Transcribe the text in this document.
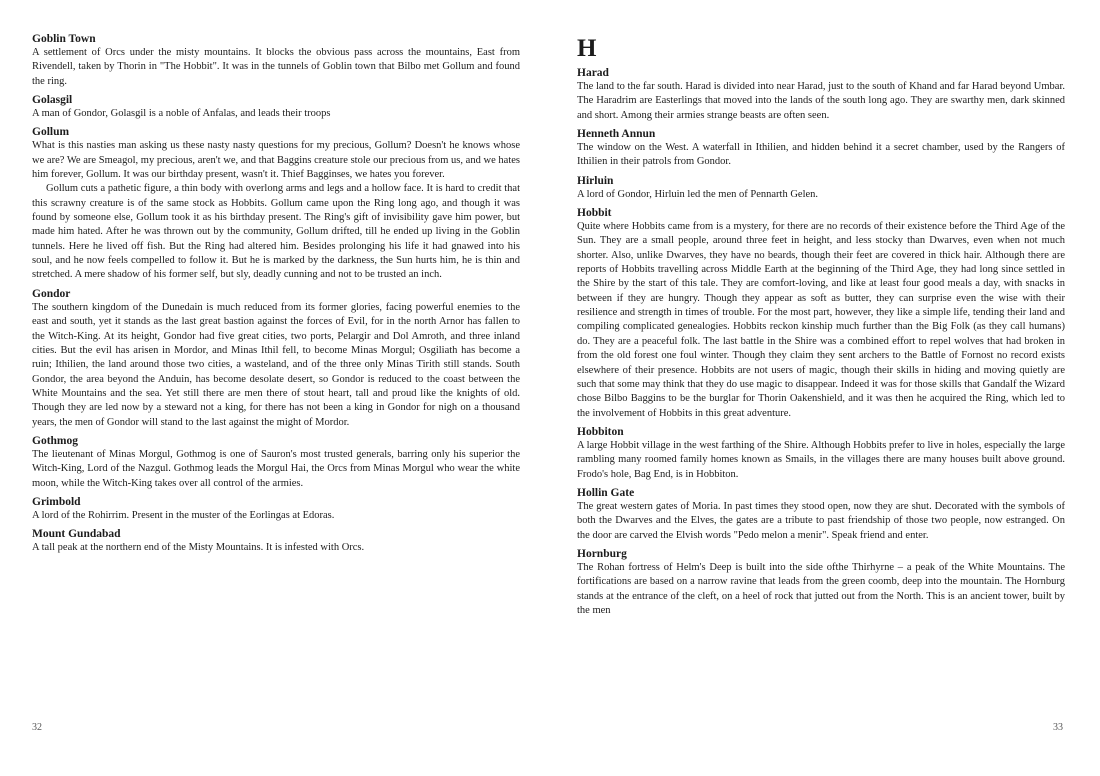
Goblin Town

A settlement of Orcs under the misty mountains. It blocks the obvious pass across the mountains, East from Rivendell, taken by Thorin in "The Hobbit". It was in the tunnels of Goblin town that Bilbo met Gollum and found the ring.

Golasgil

A man of Gondor, Golasgil is a noble of Anfalas, and leads their troops

Gollum

What is this nasties man asking us these nasty nasty questions for my precious, Gollum? Doesn't he knows whose we are? We are Smeagol, my precious, aren't we, and that Baggins creature stole our precious from us, and we hates him forever, Gollum. It was our birthday present, wasn't it. Thief Bagginses, we hates you forever.

Gollum cuts a pathetic figure, a thin body with overlong arms and legs and a hollow face. It is hard to credit that this scrawny creature is of the same stock as Hobbits. Gollum came upon the Ring long ago, and though it was found by someone else, Gollum took it as his birthday present. The Ring's gift of invisibility gave him power, but made him hated. After he was thrown out by the community, Gollum drifted, till he ended up living in the Goblin tunnels. Here he lived off fish. But the Ring had altered him. Besides prolonging his life it had gnawed into his soul, and he now feels compelled to follow it. But he is marked by the darkness, the Sun hurts him, he is thin and stretched. A mere shadow of his former self, but sly, deadly cunning and not to be trusted an inch.

Gondor

The southern kingdom of the Dunedain is much reduced from its former glories, facing powerful enemies to the east and south, yet it stands as the last great bastion against the forces of Evil, for in the north Arnor has fallen to the Witch-King. At its height, Gondor had five great cities, two ports, Pelargir and Dol Amroth, and three inland cities. But the evil has arisen in Mordor, and Minas Ithil fell, to become Minas Morgul; Osgiliath has become a ruin; Ithilien, the land around those two cities, a wasteland, and of the three only Minas Tirith still stands. South Gondor, the area beyond the Anduin, has become desolate desert, so Gondor is reduced to the coast between the White Mountains and the sea. Yet still there are men there of stout heart, tall and proud like the knights of old. Though they are led now by a steward not a king, for there has not been a king in Gondor for nigh on a thousand years, the men of Gondor will stand to the last against the might of Mordor.

Gothmog

The lieutenant of Minas Morgul, Gothmog is one of Sauron's most trusted generals, barring only his superior the Witch-King, Lord of the Nazgul. Gothmog leads the Morgul Hai, the Orcs from Minas Morgul who wear the white moon, while the Witch-King takes over all control of the armies.

Grimbold

A lord of the Rohirrim. Present in the muster of the Eorlingas at Edoras.

Mount Gundabad

A tall peak at the northern end of the Misty Mountains. It is infested with Orcs.

H
Harad

The land to the far south. Harad is divided into near Harad, just to the south of Khand and far Harad beyond Umbar. The Haradrim are Easterlings that moved into the lands of the south long ago. They are swarthy men, dark skinned and short. Among their armies strange beasts are often seen.

Henneth Annun

The window on the West. A waterfall in Ithilien, and hidden behind it a secret chamber, used by the Rangers of Ithilien in their patrols from Gondor.

Hirluin

A lord of Gondor, Hirluin led the men of Pennarth Gelen.

Hobbit

Quite where Hobbits came from is a mystery, for there are no records of their existence before the Third Age of the Sun. They are a small people, around three feet in height, and less stocky than Dwarves, even when not much shorter. Also, unlike Dwarves, they have no beards, though their feet are covered in thick hair. Although there are reports of Hobbits travelling across Middle Earth at the beginning of the Third Age, they had long since settled in the Shire by the start of this tale. They are comfort-loving, and like at least four good meals a day, with snacks in between if they are hungry. Though they appear as soft as butter, they can surprise even the wise with their resilience and strength in times of trouble. For the most part, however, they like a simple life, tending their land and compiling complicated genealogies. Hobbits reckon kinship much further than the Big Folk (as they call humans) do. They are a peaceful folk. The last battle in the Shire was a combined effort to repel wolves that had broken in from the old forest one foul winter. Though they claim they sent archers to the Battle of Fornost no record exists elsewhere of their presence. Hobbits are not users of magic, though their skills in hiding and moving quietly are such that some may think that they do use magic to disappear. Indeed it was for those skills that Gandalf the Wizard chose Bilbo Baggins to be the burglar for Thorin Oakenshield, and it was then he acquired the Ring, which led to the involvement of Hobbits in this great adventure.

Hobbiton

A large Hobbit village in the west farthing of the Shire. Although Hobbits prefer to live in holes, especially the large rambling many roomed family homes known as Smails, in the villages there are many houses built above ground. Frodo's hole, Bag End, is in Hobbiton.

Hollin Gate

The great western gates of Moria. In past times they stood open, now they are shut. Decorated with the symbols of both the Dwarves and the Elves, the gates are a tribute to past friendship of those two people, now estranged. On the door are carved the Elvish words "Pedo melon a menir". Speak friend and enter.

Hornburg

The Rohan fortress of Helm's Deep is built into the side ofthe Thirhyrne – a peak of the White Mountains. The fortifications are based on a narrow ravine that leads from the green coomb, deep into the mountain. The Hornburg stands at the entrance of the cleft, on a heel of rock that jutted out from the North. This is an ancient tower, built by the men

32	33
